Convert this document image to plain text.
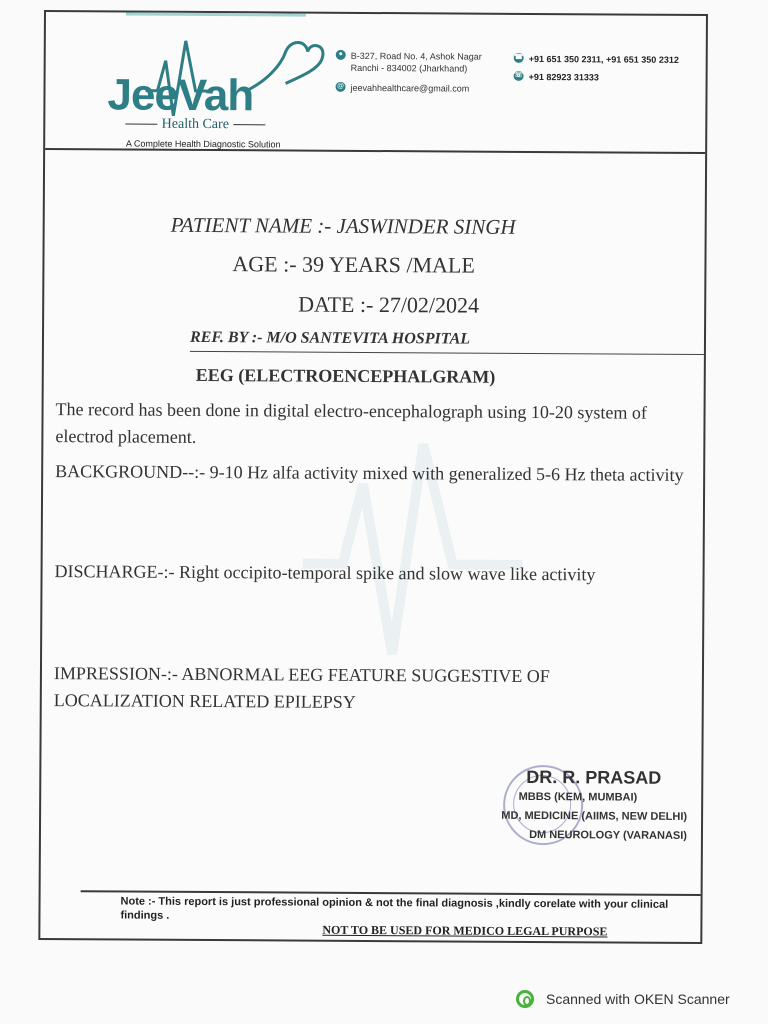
JeeVah
Health Care
A Complete Health Diagnostic Solution
● B-327, Road No. 4, Ashok Nagar
Ranchi - 834002 (Jharkhand)
@ jeevahhealthcare@gmail.com
☎ +91 651 350 2311, +91 651 350 2312
☏ +91 82923 31333
PATIENT NAME :- JASWINDER SINGH
AGE :- 39 YEARS /MALE
DATE :- 27/02/2024
REF. BY :- M/O SANTEVITA HOSPITAL
EEG (ELECTROENCEPHALGRAM)
The record has been done in digital electro-encephalograph using 10-20 system of electrod placement.
BACKGROUND--:- 9-10 Hz alfa activity mixed with generalized 5-6 Hz theta activity
DISCHARGE-:- Right occipito-temporal spike and slow wave like activity
IMPRESSION-:- ABNORMAL EEG FEATURE SUGGESTIVE OF LOCALIZATION RELATED EPILEPSY
DR. R. PRASAD
MBBS (KEM, MUMBAI)
MD, MEDICINE (AIIMS, NEW DELHI)
DM NEUROLOGY (VARANASI)
Note :- This report is just professional opinion & not the final diagnosis ,kindly corelate with your clinical findings .
NOT TO BE USED FOR MEDICO LEGAL PURPOSE
Scanned with OKEN Scanner
